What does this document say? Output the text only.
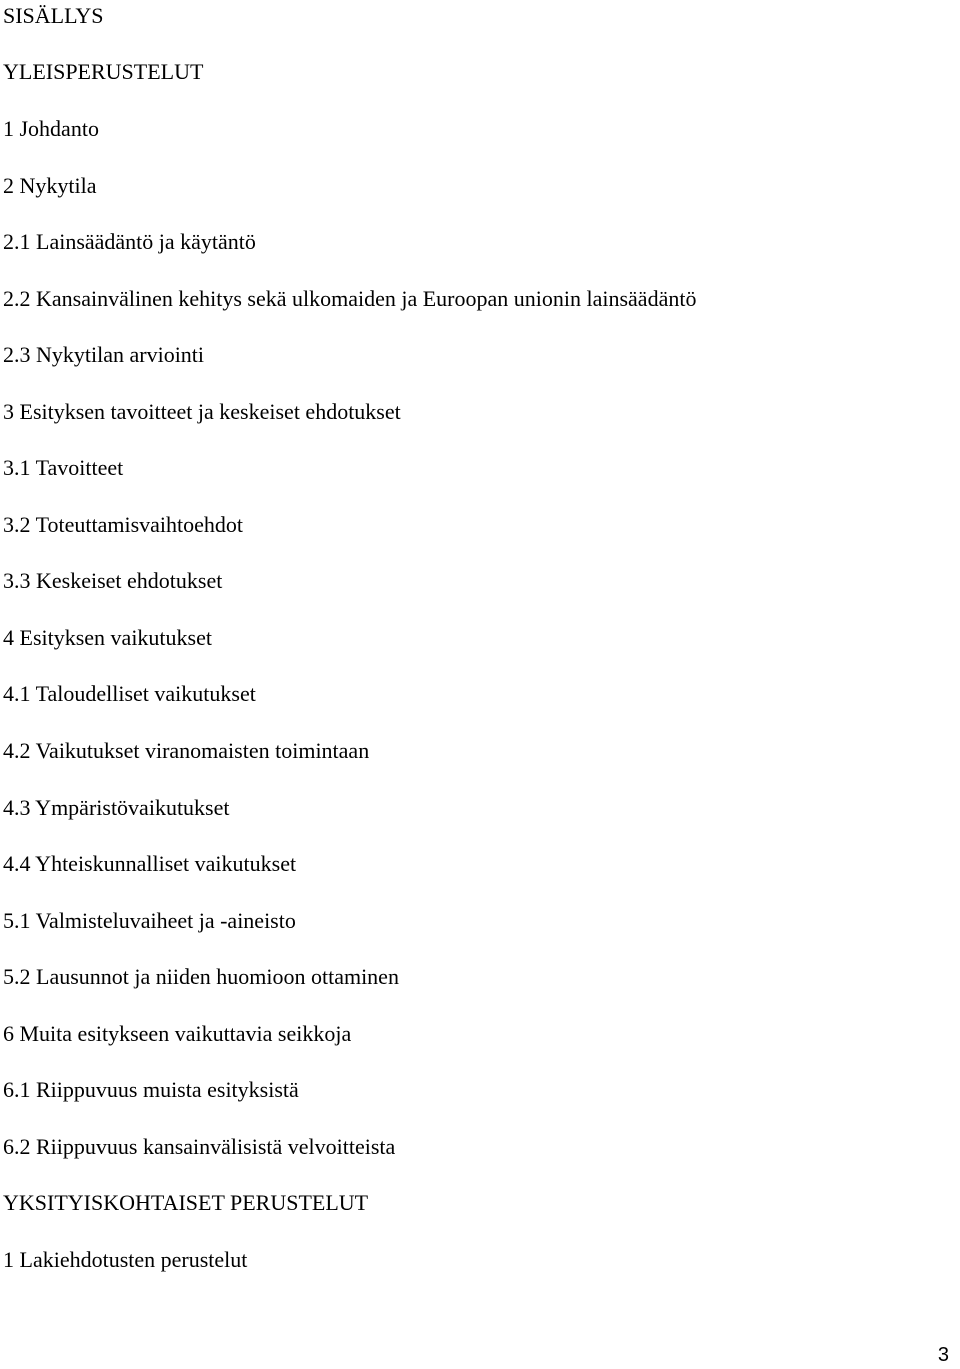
SISÄLLYS
YLEISPERUSTELUT
1 Johdanto
2 Nykytila
2.1 Lainsäädäntö ja käytäntö
2.2 Kansainvälinen kehitys sekä ulkomaiden ja Euroopan unionin lainsäädäntö
2.3 Nykytilan arviointi
3 Esityksen tavoitteet ja keskeiset ehdotukset
3.1 Tavoitteet
3.2 Toteuttamisvaihtoehdot
3.3 Keskeiset ehdotukset
4 Esityksen vaikutukset
4.1 Taloudelliset vaikutukset
4.2 Vaikutukset viranomaisten toimintaan
4.3 Ympäristövaikutukset
4.4 Yhteiskunnalliset vaikutukset
5.1 Valmisteluvaiheet ja -aineisto
5.2 Lausunnot ja niiden huomioon ottaminen
6 Muita esitykseen vaikuttavia seikkoja
6.1 Riippuvuus muista esityksistä
6.2 Riippuvuus kansainvälisistä velvoitteista
YKSITYISKOHTAISET PERUSTELUT
1 Lakiehdotusten perustelut
3
